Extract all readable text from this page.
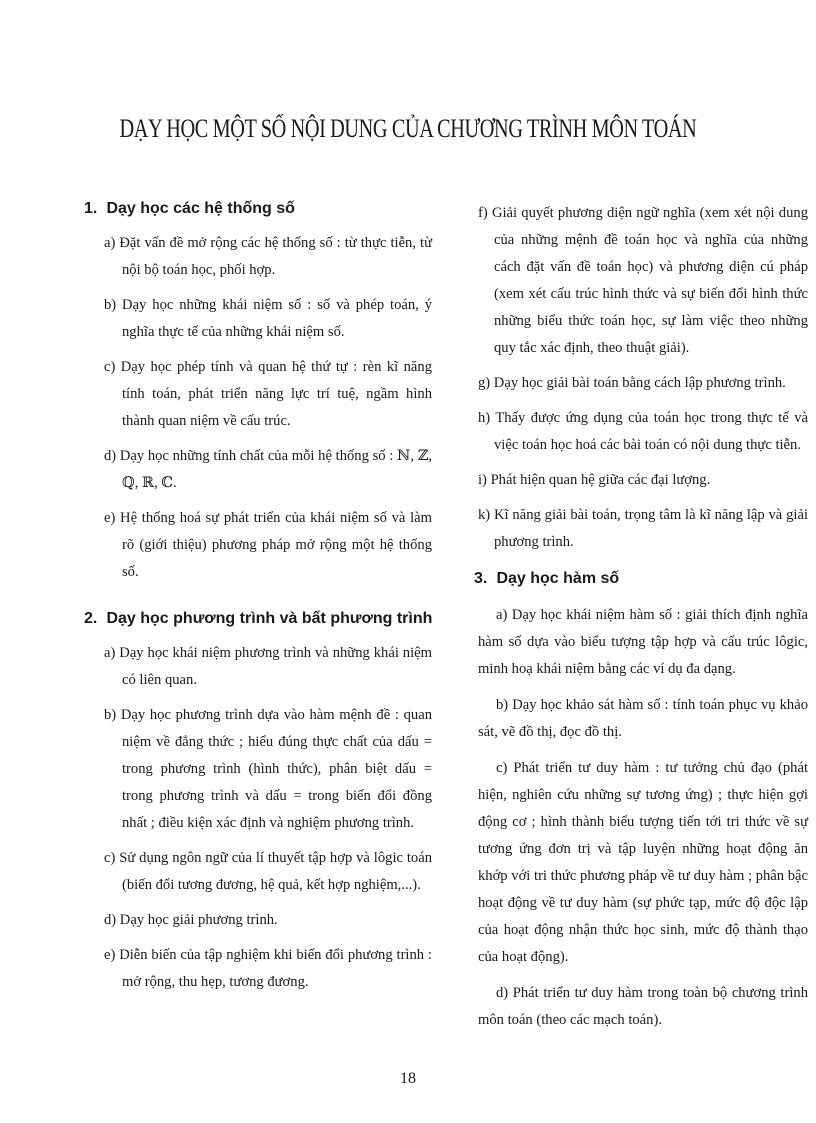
DẠY HỌC MỘT SỐ NỘI DUNG CỦA CHƯƠNG TRÌNH MÔN TOÁN
1. Dạy học các hệ thống số
a) Đặt vấn đề mở rộng các hệ thống số : từ thực tiễn, từ nội bộ toán học, phối hợp.
b) Dạy học những khái niệm số : số và phép toán, ý nghĩa thực tế của những khái niệm số.
c) Dạy học phép tính và quan hệ thứ tự : rèn kĩ năng tính toán, phát triển năng lực trí tuệ, ngầm hình thành quan niệm về cấu trúc.
d) Dạy học những tính chất của mỗi hệ thống số : ℕ, ℤ, ℚ, ℝ, ℂ.
e) Hệ thống hoá sự phát triển của khái niệm số và làm rõ (giới thiệu) phương pháp mở rộng một hệ thống số.
2. Dạy học phương trình và bất phương trình
a) Dạy học khái niệm phương trình và những khái niệm có liên quan.
b) Dạy học phương trình dựa vào hàm mệnh đề : quan niệm về đẳng thức ; hiểu đúng thực chất của dấu = trong phương trình (hình thức), phân biệt dấu = trong phương trình và dấu = trong biến đổi đồng nhất ; điều kiện xác định và nghiệm phương trình.
c) Sử dụng ngôn ngữ của lí thuyết tập hợp và lôgic toán (biến đổi tương đương, hệ quả, kết hợp nghiệm,...).
d) Dạy học giải phương trình.
e) Diễn biến của tập nghiệm khi biến đổi phương trình : mở rộng, thu hẹp, tương đương.
f) Giải quyết phương diện ngữ nghĩa (xem xét nội dung của những mệnh đề toán học và nghĩa của những cách đặt vấn đề toán học) và phương diện cú pháp (xem xét cấu trúc hình thức và sự biến đổi hình thức những biểu thức toán học, sự làm việc theo những quy tắc xác định, theo thuật giải).
g) Dạy học giải bài toán bằng cách lập phương trình.
h) Thấy được ứng dụng của toán học trong thực tế và việc toán học hoá các bài toán có nội dung thực tiễn.
i) Phát hiện quan hệ giữa các đại lượng.
k) Kĩ năng giải bài toán, trọng tâm là kĩ năng lập và giải phương trình.
3. Dạy học hàm số

a) Dạy học khái niệm hàm số : giải thích định nghĩa hàm số dựa vào biểu tượng tập hợp và cấu trúc lôgic, minh hoạ khái niệm bằng các ví dụ đa dạng.

b) Dạy học khảo sát hàm số : tính toán phục vụ khảo sát, vẽ đồ thị, đọc đồ thị.

c) Phát triển tư duy hàm : tư tưởng chủ đạo (phát hiện, nghiên cứu những sự tương ứng) ; thực hiện gợi động cơ ; hình thành biểu tượng tiến tới tri thức về sự tương ứng đơn trị và tập luyện những hoạt động ăn khớp với tri thức phương pháp về tư duy hàm ; phân bậc hoạt động về tư duy hàm (sự phức tạp, mức độ độc lập của hoạt động nhận thức học sinh, mức độ thành thạo của hoạt động).

d) Phát triển tư duy hàm trong toàn bộ chương trình môn toán (theo các mạch toán).

18
